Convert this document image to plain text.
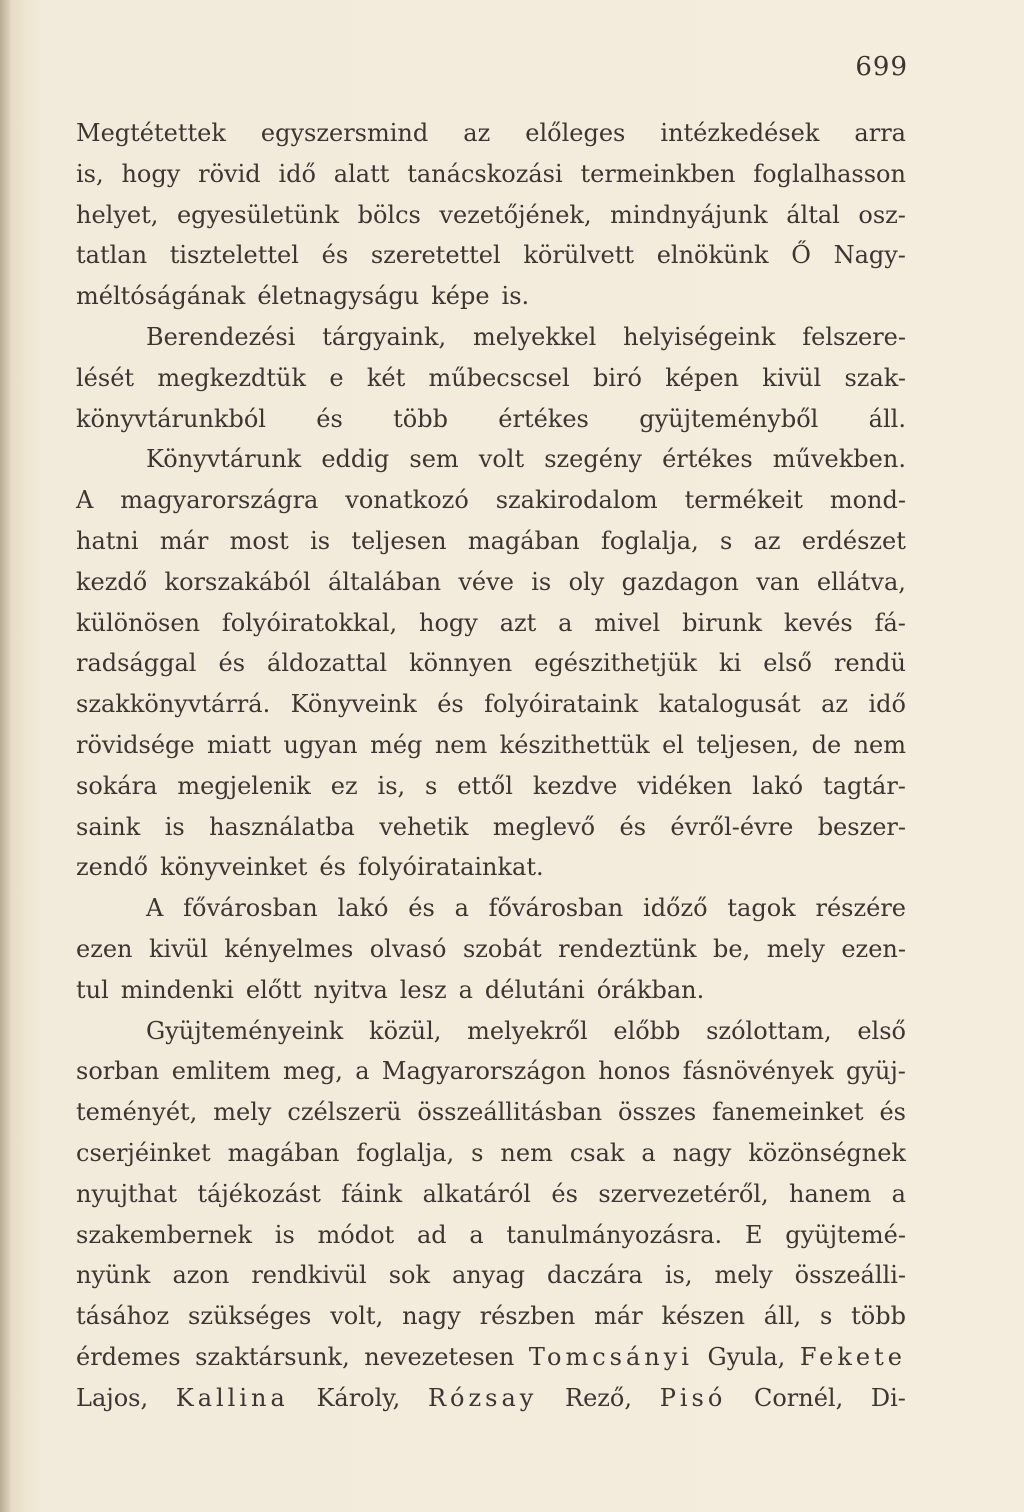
699
Megtétettek egyszersmind az előleges intézkedések arra
is, hogy rövid idő alatt tanácskozási termeinkben foglalhasson
helyet, egyesületünk bölcs vezetőjének, mindnyájunk által osz-
tatlan tisztelettel és szeretettel körülvett elnökünk Ő Nagy-
méltóságának életnagyságu képe is.
Berendezési tárgyaink, melyekkel helyiségeink felszere-
lését megkezdtük e két műbecscsel biró képen kivül szak-
könyvtárunkból és több értékes gyüjteményből áll.
Könyvtárunk eddig sem volt szegény értékes művekben.
A magyarországra vonatkozó szakirodalom termékeit mond-
hatni már most is teljesen magában foglalja, s az erdészet
kezdő korszakából általában véve is oly gazdagon van ellátva,
különösen folyóiratokkal, hogy azt a mivel birunk kevés fá-
radsággal és áldozattal könnyen egészithetjük ki első rendü
szakkönyvtárrá. Könyveink és folyóirataink katalogusát az idő
rövidsége miatt ugyan még nem készithettük el teljesen, de nem
sokára megjelenik ez is, s ettől kezdve vidéken lakó tagtár-
saink is használatba vehetik meglevő és évről-évre beszer-
zendő könyveinket és folyóiratainkat.
A fővárosban lakó és a fővárosban időző tagok részére
ezen kivül kényelmes olvasó szobát rendeztünk be, mely ezen-
tul mindenki előtt nyitva lesz a délutáni órákban.
Gyüjteményeink közül, melyekről előbb szólottam, első
sorban emlitem meg, a Magyarországon honos fásnövények gyüj-
teményét, mely czélszerü összeállitásban összes fanemeinket és
cserjéinket magában foglalja, s nem csak a nagy közönségnek
nyujthat tájékozást fáink alkatáról és szervezetéről, hanem a
szakembernek is módot ad a tanulmányozásra. E gyüjtemé-
nyünk azon rendkivül sok anyag daczára is, mely összeálli-
tásához szükséges volt, nagy részben már készen áll, s több
érdemes szaktársunk, nevezetesen Tomcsányi Gyula, Fekete
Lajos, Kallina Károly, Rózsay Rező, Pisó Cornél, Di-
